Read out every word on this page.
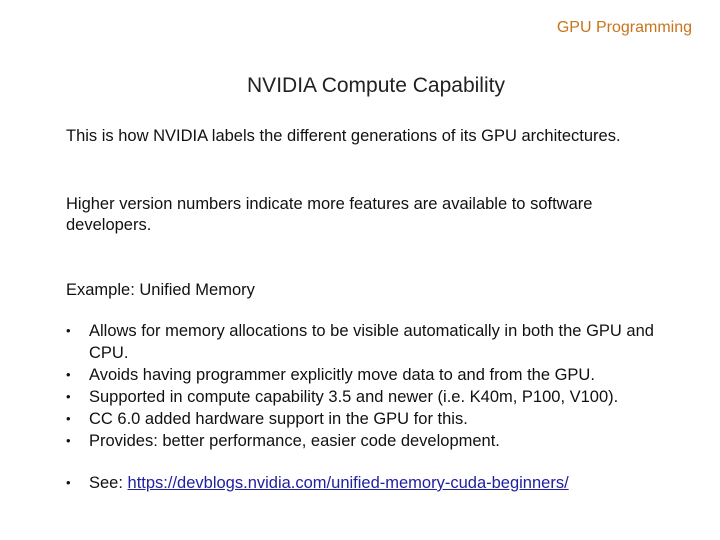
GPU Programming
NVIDIA Compute Capability

This is how NVIDIA labels the different generations of its GPU architectures.

Higher version numbers indicate more features are available to software developers.

Example: Unified Memory

• Allows for memory allocations to be visible automatically in both the GPU and CPU.
• Avoids having programmer explicitly move data to and from the GPU.
• Supported in compute capability 3.5 and newer (i.e. K40m, P100, V100).
• CC 6.0 added hardware support in the GPU for this.
• Provides: better performance, easier code development.
• See: https://devblogs.nvidia.com/unified-memory-cuda-beginners/
